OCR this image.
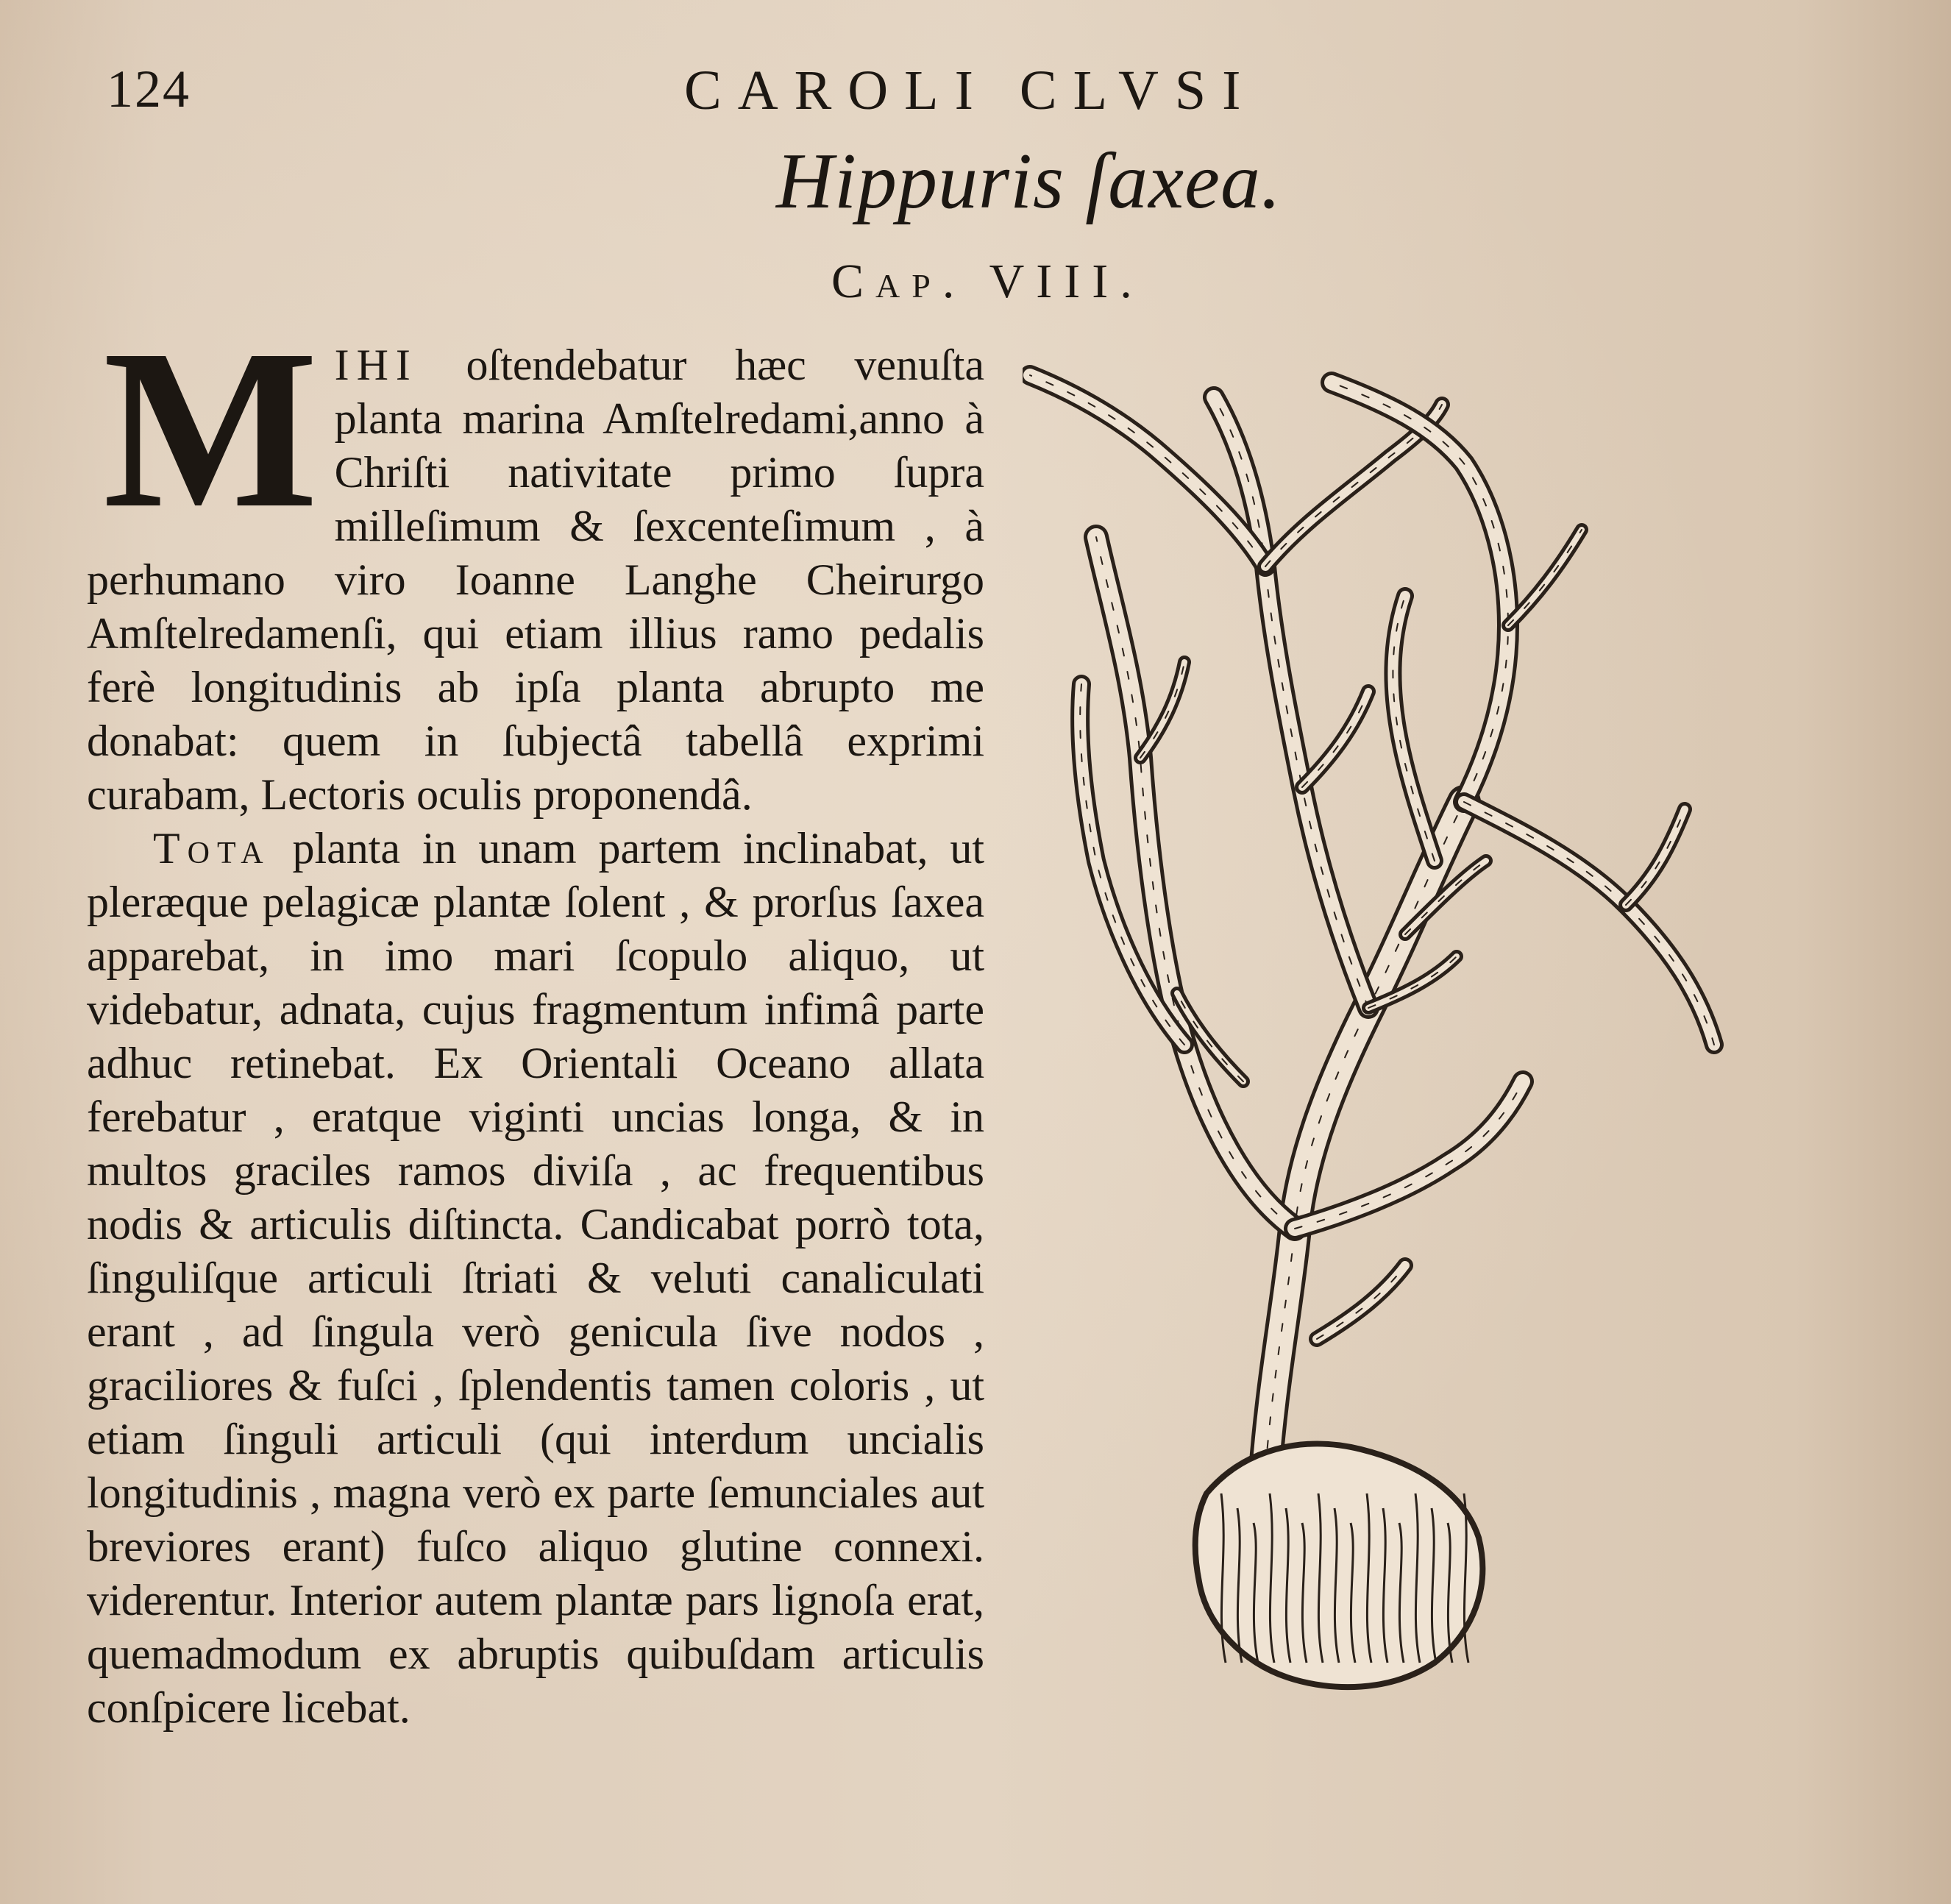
124	CAROLI CLVSI
Hippuris ſaxea.
Cap. VIII.

MIHI oſtendebatur hæc venuſta planta marina Amſtelredami,anno à Chriſti nativitate primo ſupra milleſimum & ſexcenteſimum , à perhumano viro Ioanne Langhe Cheirurgo Amſtelredamenſi, qui etiam illius ramo pedalis ferè longitudinis ab ipſa planta abrupto me donabat: quem in ſubjectâ tabellâ exprimi curabam, Lectoris oculis proponendâ.

Tota planta in unam partem inclinabat, ut pleræque pelagicæ plantæ ſolent , & prorſus ſaxea apparebat, in imo mari ſcopulo aliquo, ut videbatur, adnata, cujus fragmentum infimâ parte adhuc retinebat. Ex Orientali Oceano allata ferebatur , eratque viginti uncias longa, & in multos graciles ramos diviſa , ac frequentibus nodis & articulis diſtincta. Candicabat porrò tota, ſinguliſque articuli ſtriati & veluti canaliculati erant , ad ſingula verò genicula ſive nodos , graciliores & fuſci , ſplendentis tamen coloris , ut etiam ſinguli articuli (qui interdum uncialis longitudinis , magna verò ex parte ſemunciales aut breviores erant) fuſco aliquo glutine connexi. viderentur. Interior autem plantæ pars lignoſa erat, quemadmodum ex abruptis quibuſdam articulis conſpicere licebat.
